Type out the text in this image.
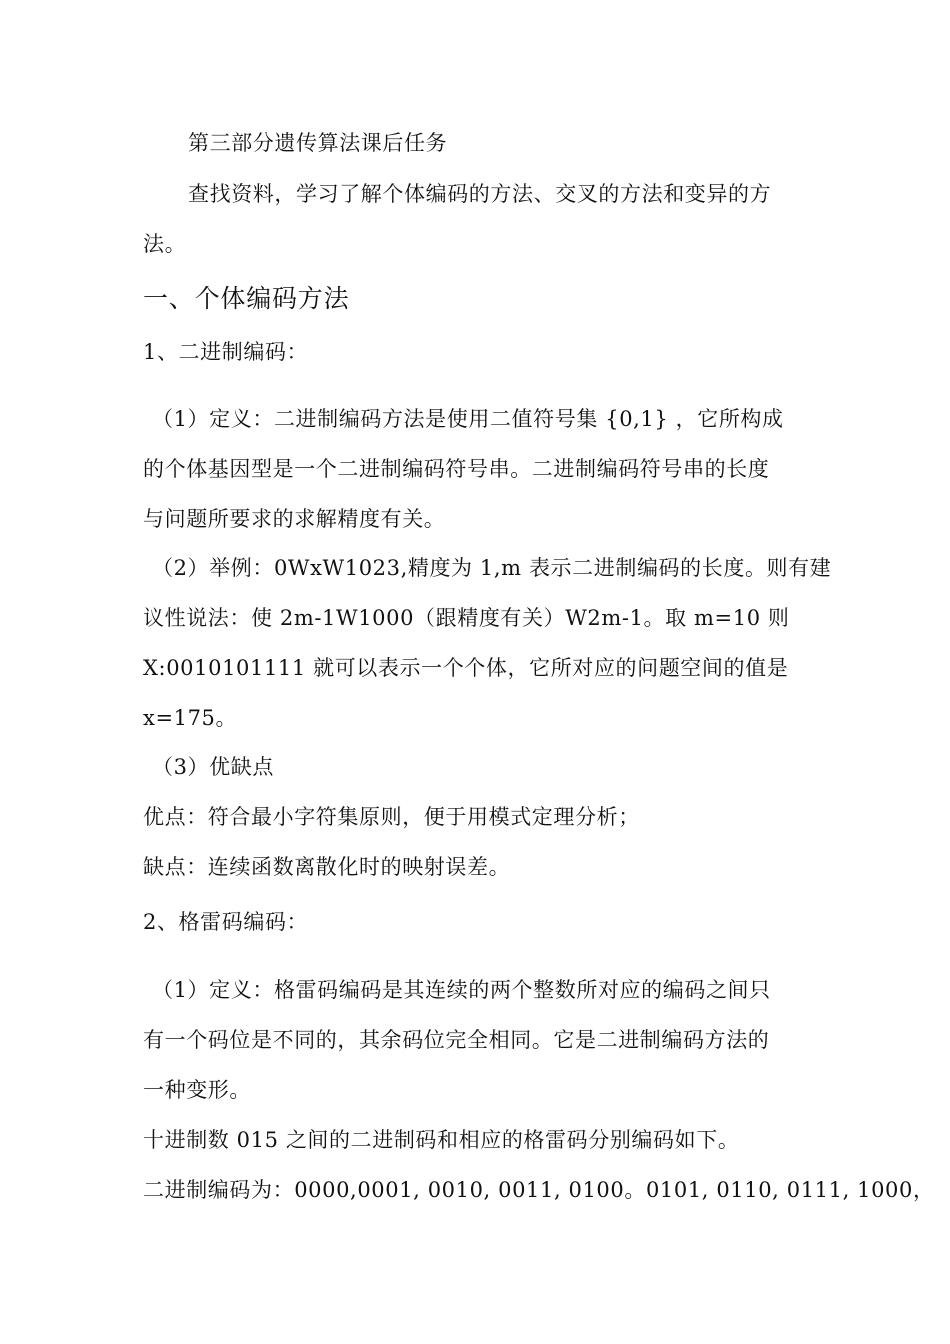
第三部分遗传算法课后任务
查找资料，学习了解个体编码的方法、交叉的方法和变异的方
法。
一、个体编码方法
1、二进制编码：
（1）定义：二进制编码方法是使用二值符号集 {0,1} ，它所构成
的个体基因型是一个二进制编码符号串。二进制编码符号串的长度
与问题所要求的求解精度有关。
（2）举例：0WxW1023,精度为 1,m 表示二进制编码的长度。则有建
议性说法：使 2m-1W1000（跟精度有关）W2m-1。取 m=10 则
X:0010101111 就可以表示一个个体，它所对应的问题空间的值是
x=175。
（3）优缺点
优点：符合最小字符集原则，便于用模式定理分析；
缺点：连续函数离散化时的映射误差。
2、格雷码编码：
（1）定义：格雷码编码是其连续的两个整数所对应的编码之间只
有一个码位是不同的，其余码位完全相同。它是二进制编码方法的
一种变形。
十进制数 015 之间的二进制码和相应的格雷码分别编码如下。
二进制编码为：0000,0001, 0010, 0011, 0100。0101, 0110, 0111, 1000，
